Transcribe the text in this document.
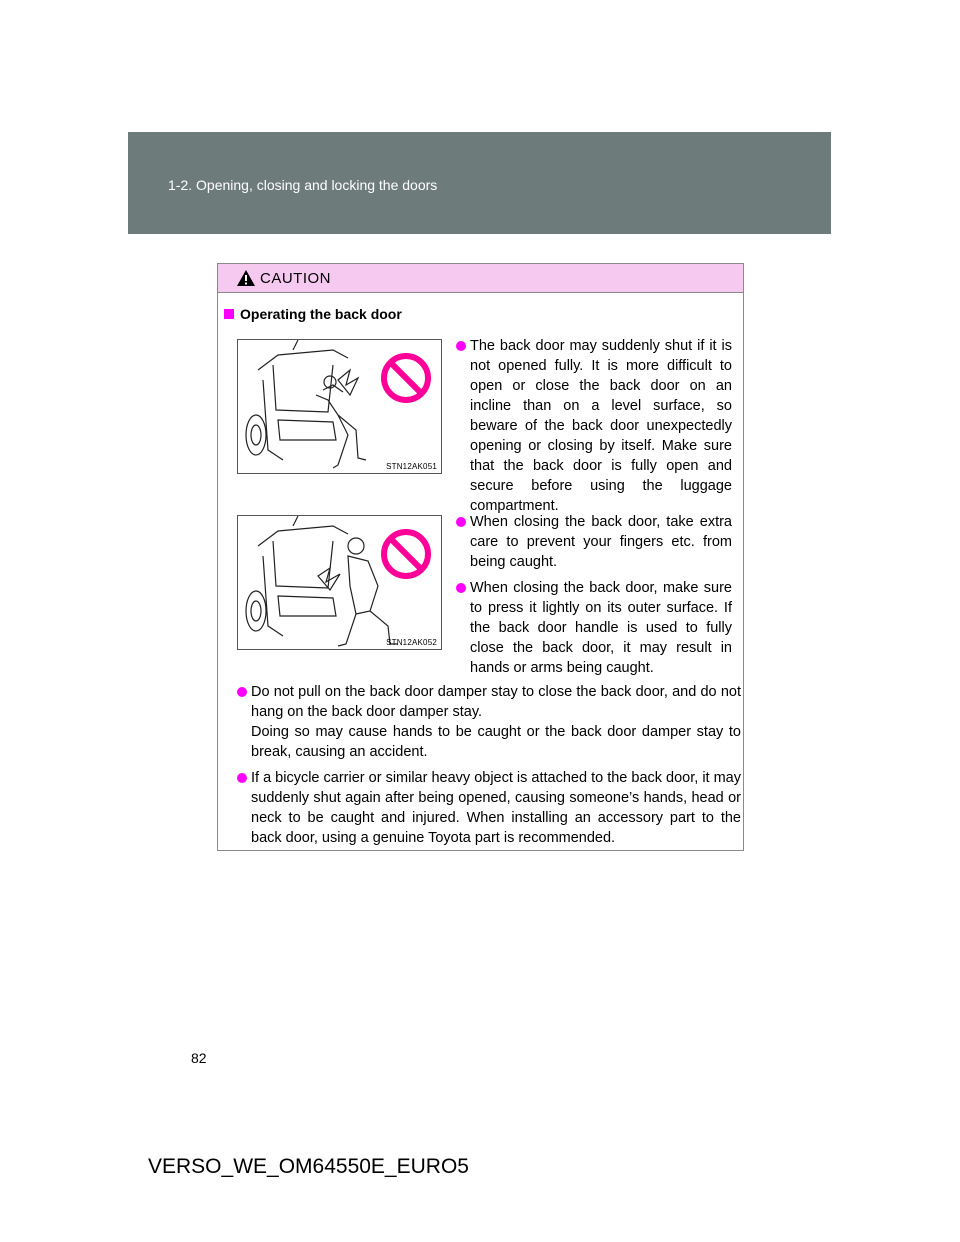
1-2. Opening, closing and locking the doors
CAUTION
Operating the back door
STN12AK051
The back door may suddenly shut if it is not opened fully. It is more difficult to open or close the back door on an incline than on a level surface, so beware of the back door unexpectedly opening or closing by itself. Make sure that the back door is fully open and secure before using the luggage compartment.
STN12AK052
When closing the back door, take extra care to prevent your fingers etc. from being caught.
When closing the back door, make sure to press it lightly on its outer surface. If the back door handle is used to fully close the back door, it may result in hands or arms being caught.
Do not pull on the back door damper stay to close the back door, and do not hang on the back door damper stay.
Doing so may cause hands to be caught or the back door damper stay to break, causing an accident.
If a bicycle carrier or similar heavy object is attached to the back door, it may suddenly shut again after being opened, causing someone’s hands, head or neck to be caught and injured. When installing an accessory part to the back door, using a genuine Toyota part is recommended.
82
VERSO_WE_OM64550E_EURO5
